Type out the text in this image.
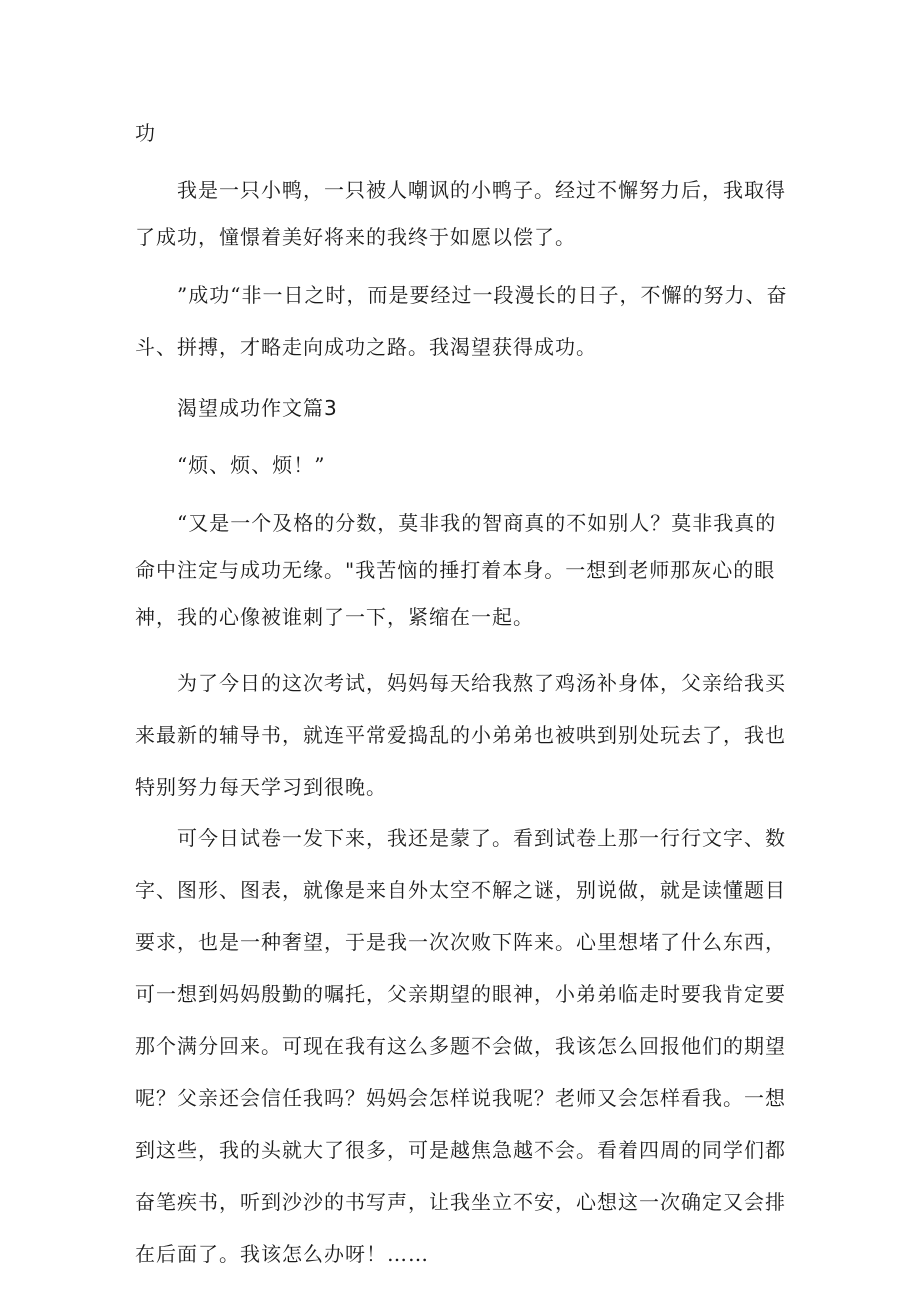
功

我是一只小鸭，一只被人嘲讽的小鸭子。经过不懈努力后，我取得了成功，憧憬着美好将来的我终于如愿以偿了。

”成功“非一日之时，而是要经过一段漫长的日子，不懈的努力、奋斗、拼搏，才略走向成功之路。我渴望获得成功。

渴望成功作文篇3

“烦、烦、烦！”

“又是一个及格的分数，莫非我的智商真的不如别人？莫非我真的命中注定与成功无缘。"我苦恼的捶打着本身。一想到老师那灰心的眼神，我的心像被谁刺了一下，紧缩在一起。

为了今日的这次考试，妈妈每天给我熬了鸡汤补身体，父亲给我买来最新的辅导书，就连平常爱捣乱的小弟弟也被哄到别处玩去了，我也特别努力每天学习到很晚。

可今日试卷一发下来，我还是蒙了。看到试卷上那一行行文字、数字、图形、图表，就像是来自外太空不解之谜，别说做，就是读懂题目要求，也是一种奢望，于是我一次次败下阵来。心里想堵了什么东西，可一想到妈妈殷勤的嘱托，父亲期望的眼神，小弟弟临走时要我肯定要那个满分回来。可现在我有这么多题不会做，我该怎么回报他们的期望呢？父亲还会信任我吗？妈妈会怎样说我呢？老师又会怎样看我。一想到这些，我的头就大了很多，可是越焦急越不会。看着四周的同学们都奋笔疾书，听到沙沙的书写声，让我坐立不安，心想这一次确定又会排在后面了。我该怎么办呀！……
